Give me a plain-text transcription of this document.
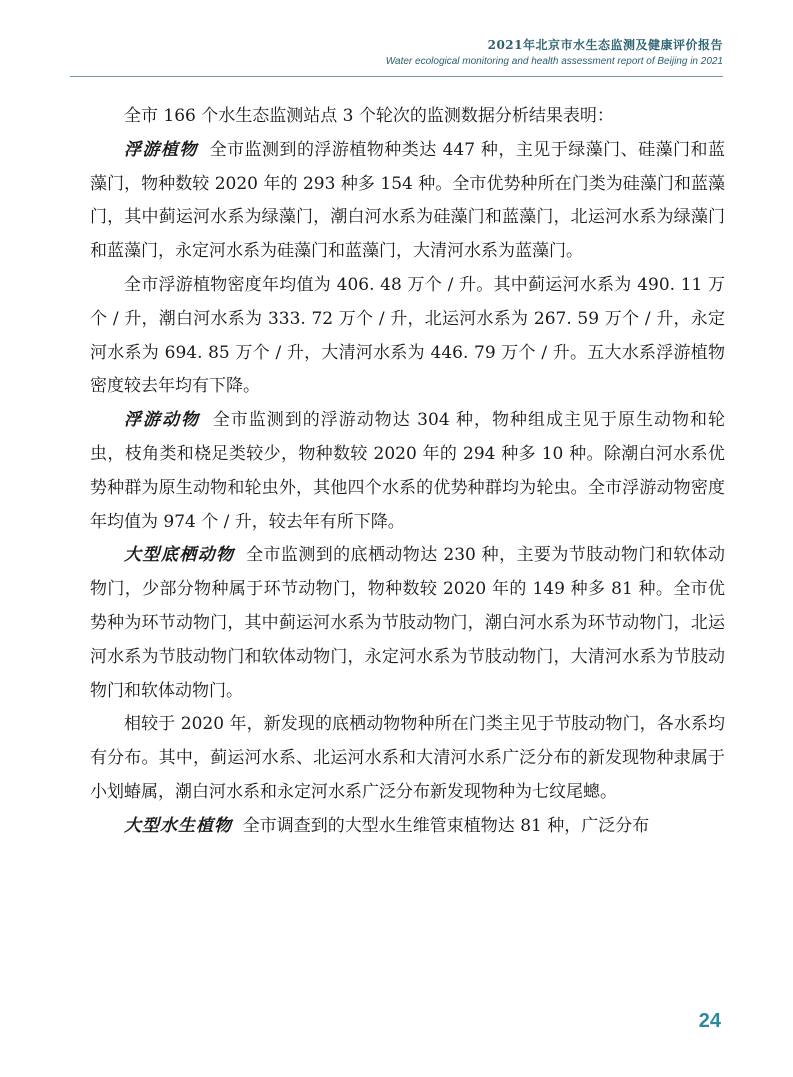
2021年北京市水生态监测及健康评价报告
Water ecological monitoring and health assessment report of Beijing in 2021

全市 166 个水生态监测站点 3 个轮次的监测数据分析结果表明：

浮游植物  全市监测到的浮游植物种类达 447 种，主见于绿藻门、硅藻门和蓝藻门，物种数较 2020 年的 293 种多 154 种。全市优势种所在门类为硅藻门和蓝藻门，其中蓟运河水系为绿藻门，潮白河水系为硅藻门和蓝藻门，北运河水系为绿藻门和蓝藻门，永定河水系为硅藻门和蓝藻门，大清河水系为蓝藻门。

全市浮游植物密度年均值为 406. 48 万个 / 升。其中蓟运河水系为 490. 11 万个 / 升，潮白河水系为 333. 72 万个 / 升，北运河水系为 267. 59 万个 / 升，永定河水系为 694. 85 万个 / 升，大清河水系为 446. 79 万个 / 升。五大水系浮游植物密度较去年均有下降。

浮游动物  全市监测到的浮游动物达 304 种，物种组成主见于原生动物和轮虫，枝角类和桡足类较少，物种数较 2020 年的 294 种多 10 种。除潮白河水系优势种群为原生动物和轮虫外，其他四个水系的优势种群均为轮虫。全市浮游动物密度年均值为 974 个 / 升，较去年有所下降。

大型底栖动物  全市监测到的底栖动物达 230 种，主要为节肢动物门和软体动物门，少部分物种属于环节动物门，物种数较 2020 年的 149 种多 81 种。全市优势种为环节动物门，其中蓟运河水系为节肢动物门，潮白河水系为环节动物门，北运河水系为节肢动物门和软体动物门，永定河水系为节肢动物门，大清河水系为节肢动物门和软体动物门。

相较于 2020 年，新发现的底栖动物物种所在门类主见于节肢动物门，各水系均有分布。其中，蓟运河水系、北运河水系和大清河水系广泛分布的新发现物种隶属于小划蝽属，潮白河水系和永定河水系广泛分布新发现物种为七纹尾蟌。

大型水生植物  全市调查到的大型水生维管束植物达 81 种，广泛分布

24
